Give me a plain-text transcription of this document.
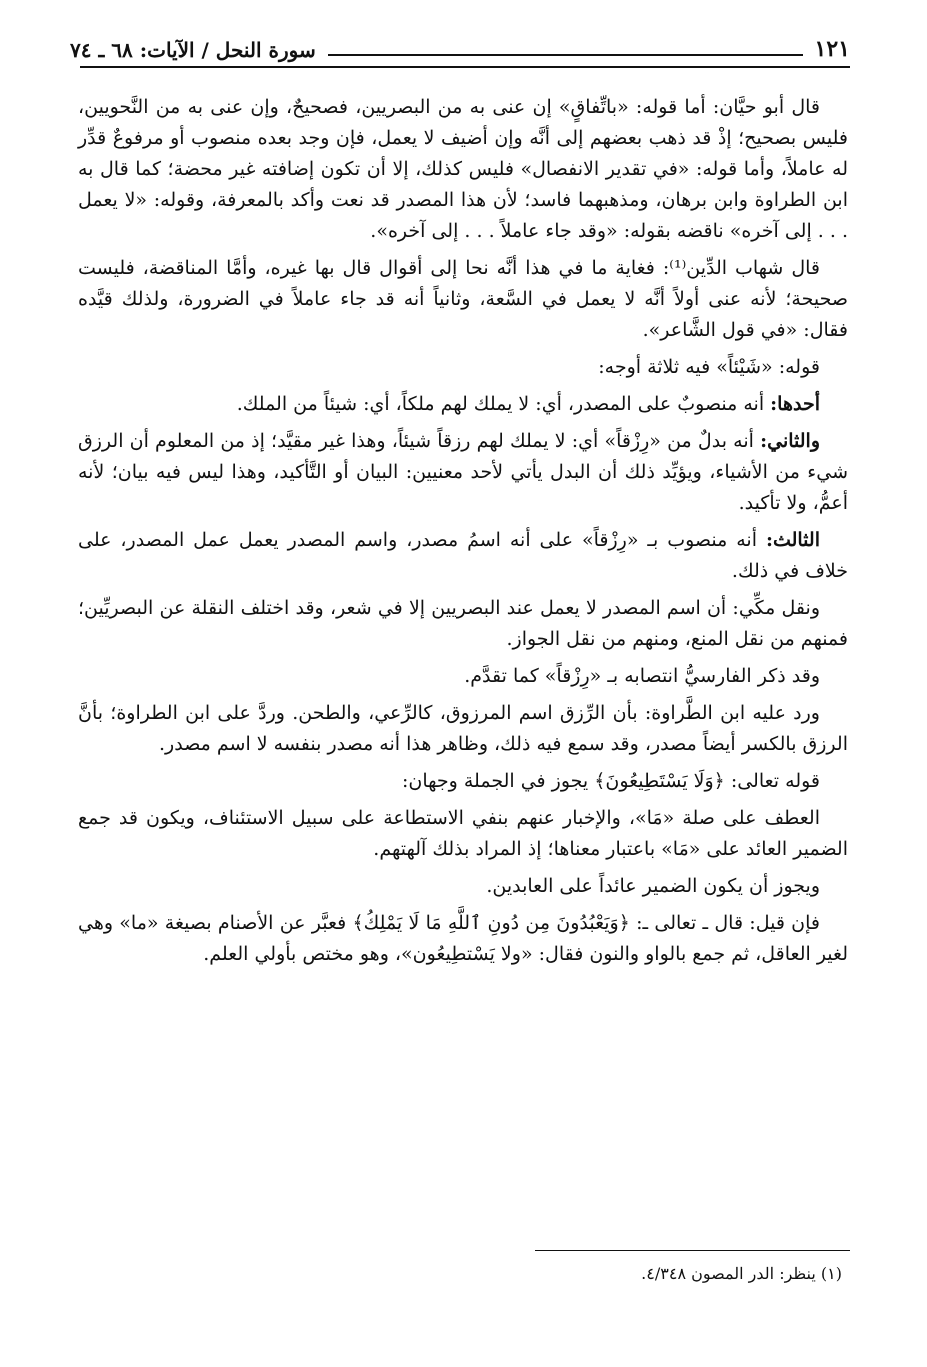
سورة النحل / الآيات: ٦٨ ـ ٧٤	١٢١

قال أبو حيَّان: أما قوله: «باتِّفاقٍ» إن عنى به من البصريين، فصحيحٌ، وإن عنى به من النَّحويين، فليس بصحيح؛ إذْ قد ذهب بعضهم إلى أنَّه وإن أضيف لا يعمل، فإن وجد بعده منصوب أو مرفوعٌ قدِّر له عاملاً، وأما قوله: «في تقدير الانفصال» فليس كذلك، إلا أن تكون إضافته غير محضة؛ كما قال به ابن الطراوة وابن برهان، ومذهبهما فاسد؛ لأن هذا المصدر قد نعت وأكد بالمعرفة، وقوله: «لا يعمل . . . إلى آخره» ناقضه بقوله: «وقد جاء عاملاً . . . إلى آخره».

قال شهاب الدِّين⁽¹⁾: فغاية ما في هذا أنَّه نحا إلى أقوال قال بها غيره، وأمَّا المناقضة، فليست صحيحة؛ لأنه عنى أولاً أنَّه لا يعمل في السَّعة، وثانياً أنه قد جاء عاملاً في الضرورة، ولذلك قيَّده فقال: «في قول الشَّاعر».

قوله: «شَيْئاً» فيه ثلاثة أوجه:

أحدها: أنه منصوبٌ على المصدر، أي: لا يملك لهم ملكاً، أي: شيئاً من الملك.

والثاني: أنه بدلٌ من «رِزْقاً» أي: لا يملك لهم رزقاً شيئاً، وهذا غير مقيَّد؛ إذ من المعلوم أن الرزق شيء من الأشياء، ويؤيِّد ذلك أن البدل يأتي لأحد معنيين: البيان أو التَّأكيد، وهذا ليس فيه بيان؛ لأنه أعمُّ، ولا تأكيد.

الثالث: أنه منصوب بـ «رِزْقاً» على أنه اسمُ مصدر، واسم المصدر يعمل عمل المصدر، على خلاف في ذلك.

ونقل مكِّي: أن اسم المصدر لا يعمل عند البصريين إلا في شعر، وقد اختلف النقلة عن البصريِّين؛ فمنهم من نقل المنع، ومنهم من نقل الجواز.

وقد ذكر الفارسيُّ انتصابه بـ «رِزْقاً» كما تقدَّم.

ورد عليه ابن الطَّراوة: بأن الرِّزق اسم المرزوق، كالرِّعي، والطحن. وردَّ على ابن الطراوة؛ بأنَّ الرزق بالكسر أيضاً مصدر، وقد سمع فيه ذلك، وظاهر هذا أنه مصدر بنفسه لا اسم مصدر.

قوله تعالى: ﴿وَلَا يَسْتَطِيعُونَ﴾ يجوز في الجملة وجهان:

العطف على صلة «مَا»، والإخبار عنهم بنفي الاستطاعة على سبيل الاستئناف، ويكون قد جمع الضمير العائد على «مَا» باعتبار معناها؛ إذ المراد بذلك آلهتهم.

ويجوز أن يكون الضمير عائداً على العابدين.

فإن قيل: قال ـ تعالى ـ: ﴿وَيَعْبُدُونَ مِن دُونِ ٱللَّهِ مَا لَا يَمْلِكُ﴾ فعبَّر عن الأصنام بصيغة «ما» وهي لغير العاقل، ثم جمع بالواو والنون فقال: «ولا يَسْتطِيعُون»، وهو مختص بأولي العلم.

(١) ينظر: الدر المصون ٤/٣٤٨.
